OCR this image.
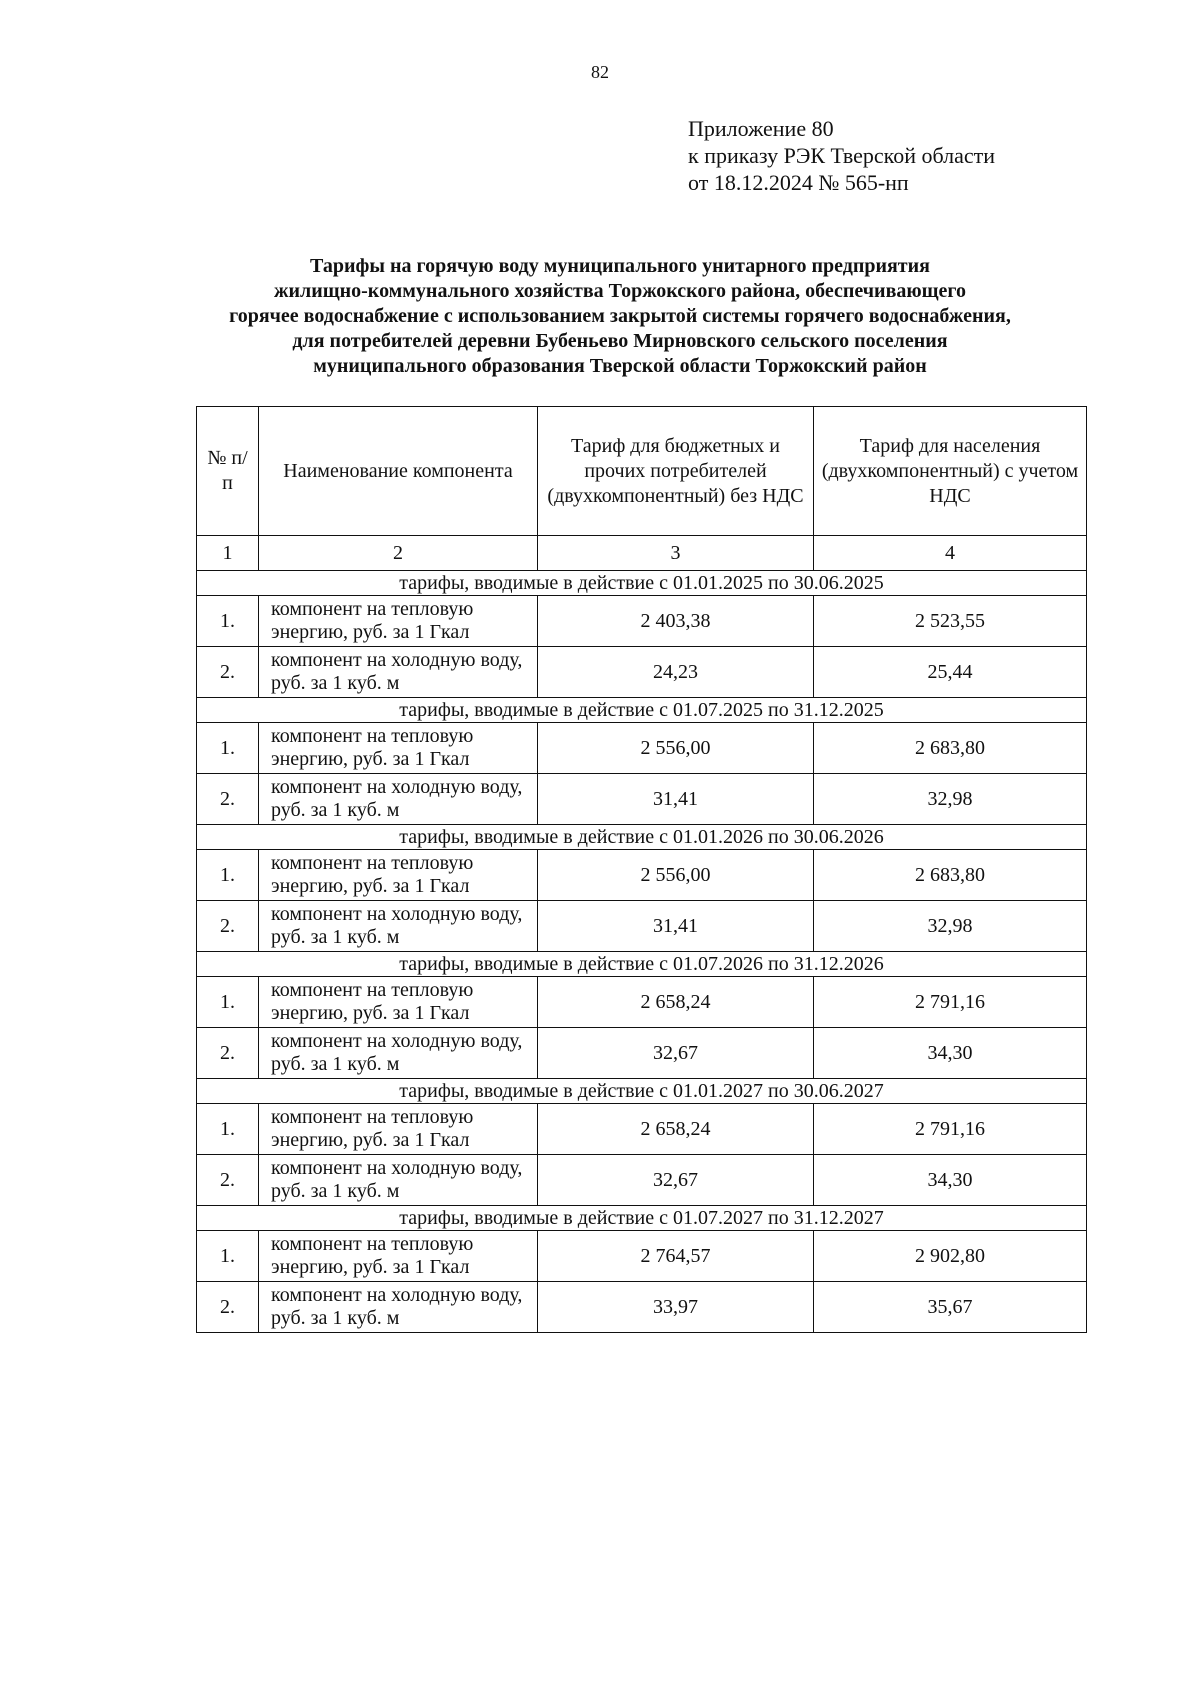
82
Приложение 80
к приказу РЭК Тверской области
от 18.12.2024 № 565-нп
Тарифы на горячую воду муниципального унитарного предприятия
жилищно-коммунального хозяйства Торжокского района, обеспечивающего
горячее водоснабжение с использованием закрытой системы горячего водоснабжения,
для потребителей деревни Бубеньево Мирновского сельского поселения
муниципального образования Тверской области Торжокский район
№ п/п	Наименование компонента	Тариф для бюджетных и прочих потребителей (двухкомпонентный) без НДС	Тариф для населения (двухкомпонентный) с учетом НДС
1	2	3	4
тарифы, вводимые в действие с 01.01.2025 по 30.06.2025			
1.	компонент на тепловую энергию, руб. за 1 Гкал	2 403,38	2 523,55
2.	компонент на холодную воду, руб. за 1 куб. м	24,23	25,44
тарифы, вводимые в действие с 01.07.2025 по 31.12.2025			
1.	компонент на тепловую энергию, руб. за 1 Гкал	2 556,00	2 683,80
2.	компонент на холодную воду, руб. за 1 куб. м	31,41	32,98
тарифы, вводимые в действие с 01.01.2026 по 30.06.2026			
1.	компонент на тепловую энергию, руб. за 1 Гкал	2 556,00	2 683,80
2.	компонент на холодную воду, руб. за 1 куб. м	31,41	32,98
тарифы, вводимые в действие с 01.07.2026 по 31.12.2026			
1.	компонент на тепловую энергию, руб. за 1 Гкал	2 658,24	2 791,16
2.	компонент на холодную воду, руб. за 1 куб. м	32,67	34,30
тарифы, вводимые в действие с 01.01.2027 по 30.06.2027			
1.	компонент на тепловую энергию, руб. за 1 Гкал	2 658,24	2 791,16
2.	компонент на холодную воду, руб. за 1 куб. м	32,67	34,30
тарифы, вводимые в действие с 01.07.2027 по 31.12.2027			
1.	компонент на тепловую энергию, руб. за 1 Гкал	2 764,57	2 902,80
2.	компонент на холодную воду, руб. за 1 куб. м	33,97	35,67
